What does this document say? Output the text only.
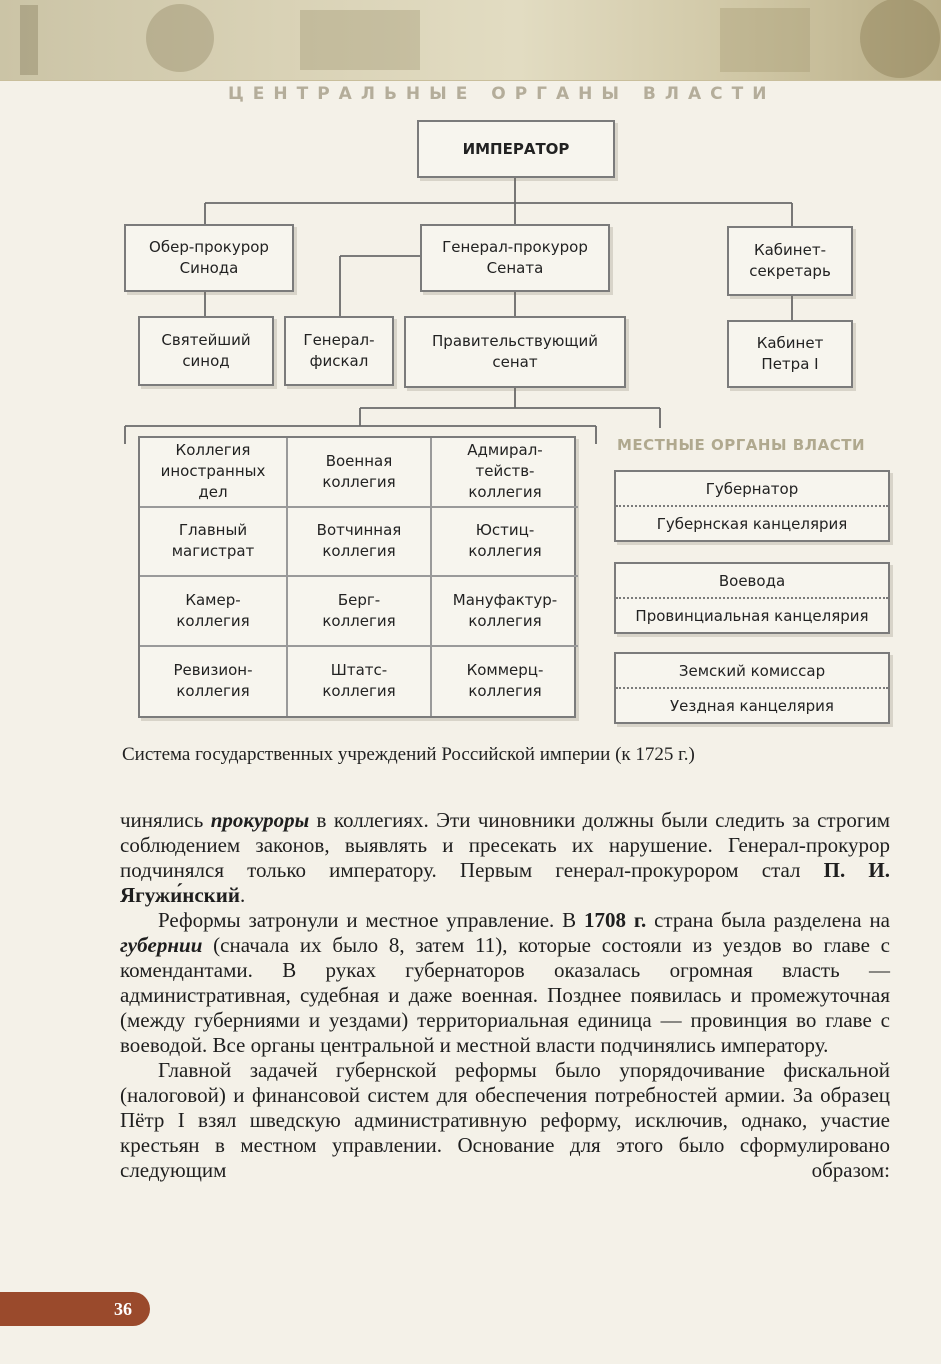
ЦЕНТРАЛЬНЫЕ ОРГАНЫ ВЛАСТИ
ИМПЕРАТОР
Обер-прокурор
Синода
Генерал-прокурор
Сената
Кабинет-
секретарь
Святейший
синод
Генерал-
фискал
Правительствующий
сенат
Кабинет
Петра I
Коллегия
иностранных
дел
Военная
коллегия
Адмирал-
тейств-
коллегия
Главный
магистрат
Вотчинная
коллегия
Юстиц-
коллегия
Камер-
коллегия
Берг-
коллегия
Мануфактур-
коллегия
Ревизион-
коллегия
Штатс-
коллегия
Коммерц-
коллегия
МЕСТНЫЕ ОРГАНЫ ВЛАСТИ
Губернатор
Губернская канцелярия
Воевода
Провинциальная канцелярия
Земский комиссар
Уездная канцелярия
Система государственных учреждений Российской империи (к 1725 г.)

чинялись прокуроры в коллегиях. Эти чиновники должны были следить за строгим соблюдением законов, выявлять и пресекать их нарушение. Генерал-прокурор подчинялся только императору. Первым генерал-прокурором стал П. И. Ягужи́нский.

Реформы затронули и местное управление. В 1708 г. страна была разделена на губернии (сначала их было 8, затем 11), которые состояли из уездов во главе с комендантами. В руках губернаторов оказалась огромная власть — административная, судебная и даже военная. Позднее появилась и промежуточная (между губерниями и уездами) территориальная единица — провинция во главе с воеводой. Все органы центральной и местной власти подчинялись императору.

Главной задачей губернской реформы было упорядочивание фискальной (налоговой) и финансовой систем для обеспечения потребностей армии. За образец Пётр I взял шведскую административную реформу, исключив, однако, участие крестьян в местном управлении. Основание для этого было сформулировано следующим образом:

36
